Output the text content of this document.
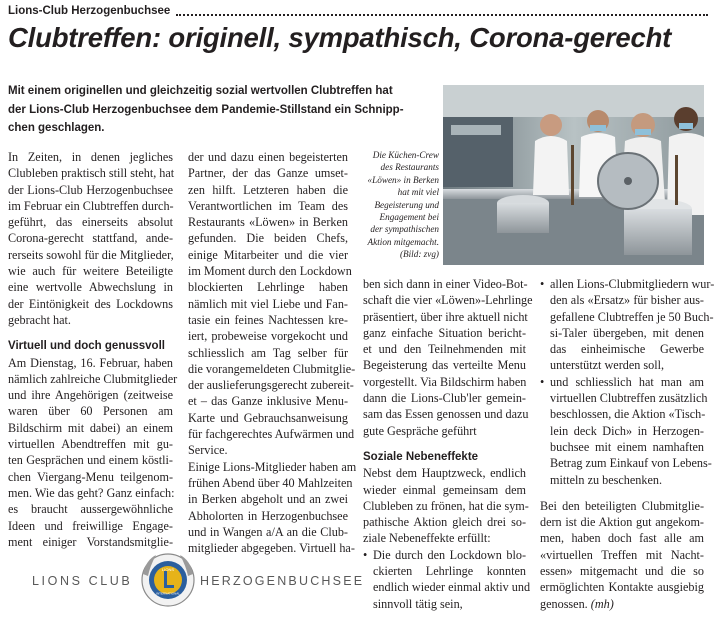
Lions-Club Herzogenbuchsee
Clubtreffen: originell, sympathisch, Corona-gerecht
Mit einem originellen und gleichzeitig sozial wertvollen Clubtreffen hat
der Lions-Club Herzogenbuchsee dem Pandemie-Stillstand ein Schnipp-
chen geschlagen.
Die Küchen-Crew
des Restaurants
«Löwen» in Berken
hat mit viel
Begeisterung und
Engagement bei
der sympathischen
Aktion mitgemacht.
(Bild: zvg)
In Zeiten, in denen jegliches
Clubleben praktisch still steht, hat
der Lions-Club Herzogenbuchsee
im Februar ein Clubtreffen durch-
geführt, das einerseits absolut
Corona-gerecht stattfand, ande-
rerseits sowohl für die Mitglieder,
wie auch für weitere Beteiligte
eine wertvolle Abwechslung in
der Eintönigkeit des Lockdowns
gebracht hat.
Virtuell und doch genussvoll
Am Dienstag, 16. Februar, haben
nämlich zahlreiche Clubmitglieder
und ihre Angehörigen (zeitweise
waren über 60 Personen am
Bildschirm mit dabei) an einem
virtuellen Abendtreffen mit gu-
ten Gesprächen und einem köstli-
chen Viergang-Menu teilgenom-
men. Wie das geht? Ganz einfach:
es braucht aussergewöhnliche
Ideen und freiwillige Engage-
ment einiger Vorstandsmitglie-
der und dazu einen begeisterten
Partner, der das Ganze umset-
zen hilft. Letzteren haben die
Verantwortlichen im Team des
Restaurants «Löwen» in Berken
gefunden. Die beiden Chefs,
einige Mitarbeiter und die vier
im Moment durch den Lockdown
blockierten Lehrlinge haben
nämlich mit viel Liebe und Fan-
tasie ein feines Nachtessen kre-
iert, probeweise vorgekocht und
schliesslich am Tag selber für
die vorangemeldeten Clubmitglie-
der auslieferungsgerecht zubereit-
et – das Ganze inklusive Menu-
Karte und Gebrauchsanweisung
für fachgerechtes Aufwärmen und
Service.
Einige Lions-Mitglieder haben am
frühen Abend über 40 Mahlzeiten
in Berken abgeholt und an zwei
Abholorten in Herzogenbuchsee
und in Wangen a/A an die Club-
mitglieder abgegeben. Virtuell ha-
ben sich dann in einer Video-Bot-
schaft die vier «Löwen»-Lehrlinge
präsentiert, über ihre aktuell nicht
ganz einfache Situation bericht-
et und den Teilnehmenden mit
Begeisterung das verteilte Menu
vorgestellt. Via Bildschirm haben
dann die Lions-Club'ler gemein-
sam das Essen genossen und dazu
gute Gespräche geführt
Soziale Nebeneffekte
Nebst dem Hauptzweck, endlich
wieder einmal gemeinsam dem
Clubleben zu frönen, hat die sym-
pathische Aktion gleich drei so-
ziale Nebeneffekte erfüllt:
• Die durch den Lockdown blo-
ckierten Lehrlinge konnten
endlich wieder einmal aktiv und
sinnvoll tätig sein,
• allen Lions-Clubmitgliedern wur-
den als «Ersatz» für bisher aus-
gefallene Clubtreffen je 50 Buch-
si-Taler übergeben, mit denen
das einheimische Gewerbe
unterstützt werden soll,
• und schliesslich hat man am
virtuellen Clubtreffen zusätzlich
beschlossen, die Aktion «Tisch-
lein deck Dich» in Herzogen-
buchsee mit einem namhaften
Betrag zum Einkauf von Lebens-
mitteln zu beschenken.
Bei den beteiligten Clubmitglie-
dern ist die Aktion gut angekom-
men, haben doch fast alle am
«virtuellen Treffen mit Nacht-
essen» mitgemacht und die so
ermöglichten Kontakte ausgiebig
genossen. (mh)
LIONS CLUB
LIONS
INTERNATIONAL
HERZOGENBUCHSEE
